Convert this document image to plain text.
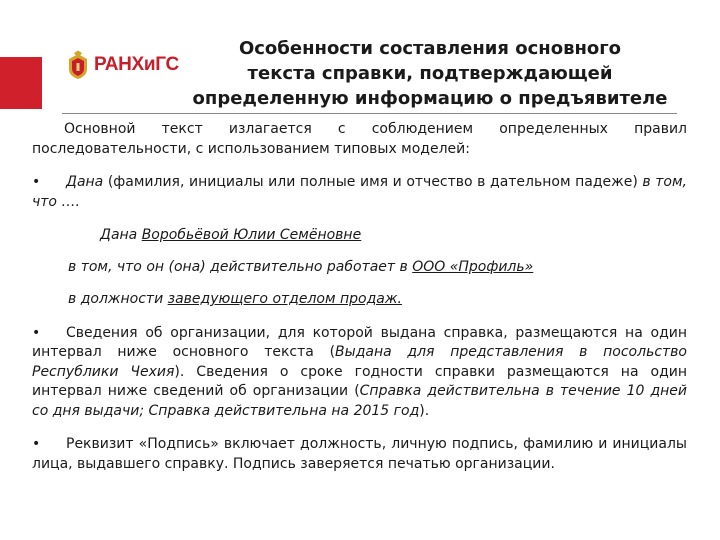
РАНХиГС
Особенности составления основного
текста справки, подтверждающей
определенную информацию о предъявителе

Основной текст излагается с соблюдением определенных правил последовательности, с использованием типовых моделей:

• Дана (фамилия, инициалы или полные имя и отчество в дательном падеже) в том, что ….

Дана Воробьёвой Юлии Семёновне

в том, что он (она) действительно работает в ООО «Профиль»

в должности заведующего отделом продаж.

• Сведения об организации, для которой выдана справка, размещаются на один интервал ниже основного текста (Выдана для представления в посольство Республики Чехия). Сведения о сроке годности справки размещаются на один интервал ниже сведений об организации (Справка действительна в течение 10 дней со дня выдачи; Справка действительна на 2015 год).

• Реквизит «Подпись» включает должность, личную подпись, фамилию и инициалы лица, выдавшего справку. Подпись заверяется печатью организации.
